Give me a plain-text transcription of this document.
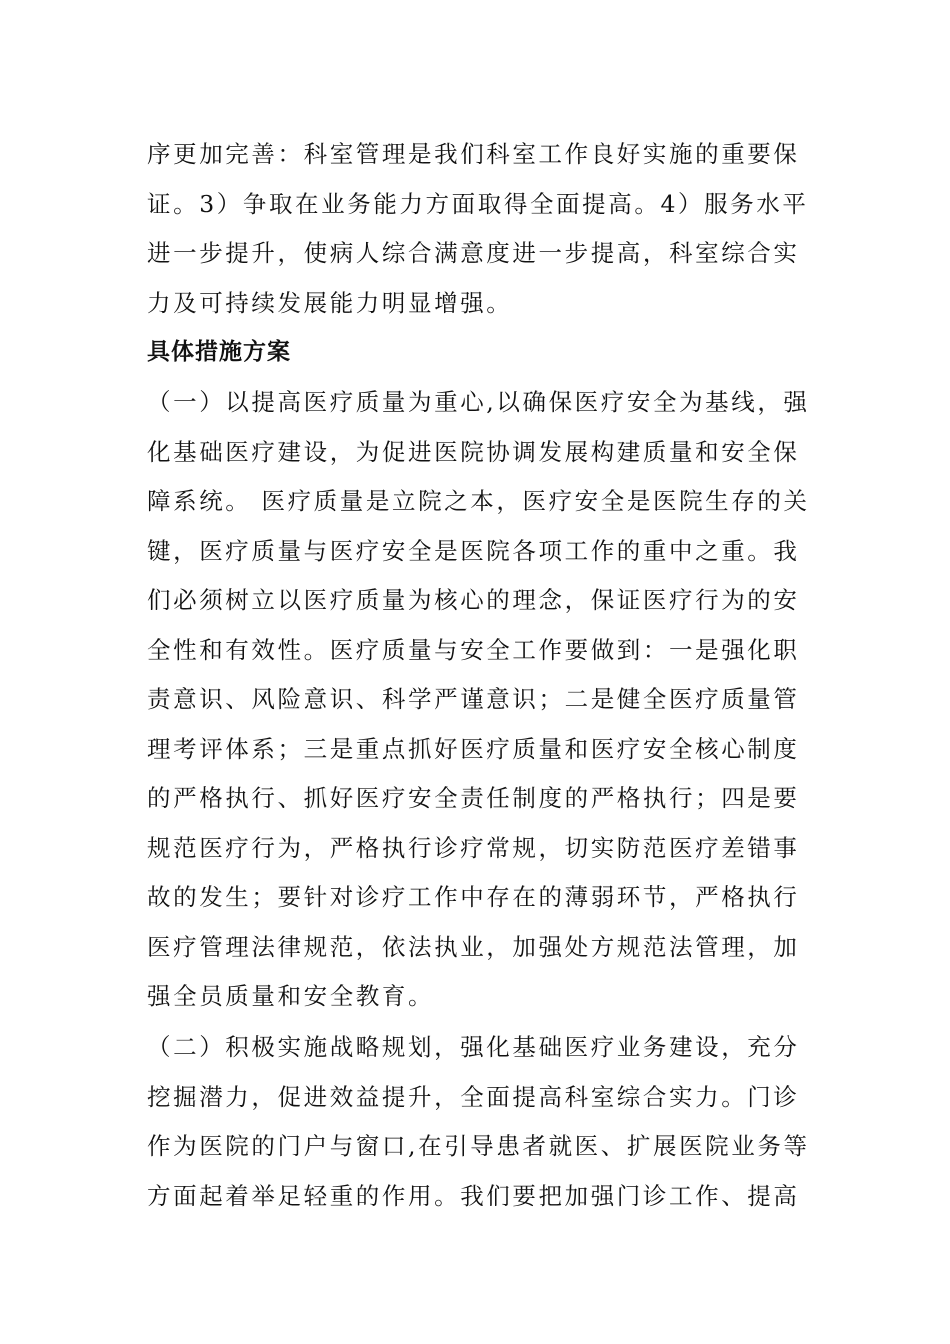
序更加完善：科室管理是我们科室工作良好实施的重要保
证。3）争取在业务能力方面取得全面提高。4）服务水平
进一步提升，使病人综合满意度进一步提高，科室综合实
力及可持续发展能力明显增强。
具体措施方案
（一）以提高医疗质量为重心,以确保医疗安全为基线，强
化基础医疗建设，为促进医院协调发展构建质量和安全保
障系统。 医疗质量是立院之本，医疗安全是医院生存的关
键，医疗质量与医疗安全是医院各项工作的重中之重。我
们必须树立以医疗质量为核心的理念，保证医疗行为的安
全性和有效性。医疗质量与安全工作要做到：一是强化职
责意识、风险意识、科学严谨意识；二是健全医疗质量管
理考评体系；三是重点抓好医疗质量和医疗安全核心制度
的严格执行、抓好医疗安全责任制度的严格执行；四是要
规范医疗行为，严格执行诊疗常规，切实防范医疗差错事
故的发生；要针对诊疗工作中存在的薄弱环节，严格执行
医疗管理法律规范，依法执业，加强处方规范法管理，加
强全员质量和安全教育。
（二）积极实施战略规划，强化基础医疗业务建设，充分
挖掘潜力，促进效益提升，全面提高科室综合实力。门诊
作为医院的门户与窗口,在引导患者就医、扩展医院业务等
方面起着举足轻重的作用。我们要把加强门诊工作、提高
